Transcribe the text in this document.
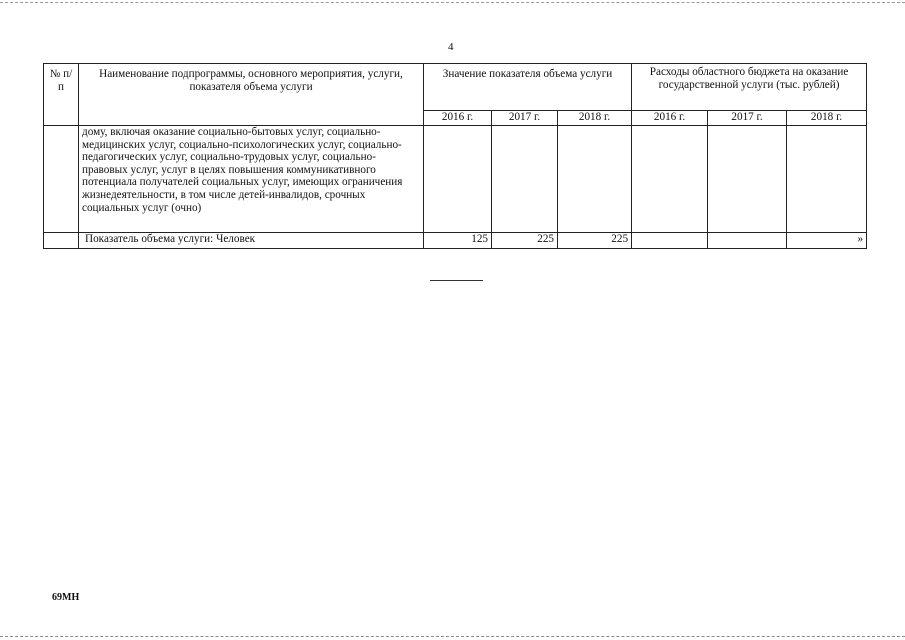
4
№ п/п	Наименование подпрограммы, основного мероприятия, услуги, показателя объема услуги	Значение показателя объема услуги			Расходы областного бюджета на оказание государственной услуги (тыс. рублей)		
		2016 г.	2017 г.	2018 г.	2016 г.	2017 г.	2018 г.
	дому, включая оказание социально-бытовых услуг, социально-медицинских услуг, социально-психологических услуг, социально-педагогических услуг, социально-трудовых услуг, социально-правовых услуг, услуг в целях повышения коммуникативного потенциала получателей социальных услуг, имеющих ограничения жизнедеятельности, в том числе детей-инвалидов, срочных социальных услуг (очно)						
	Показатель объема услуги: Человек	125	225	225			»
69МН
